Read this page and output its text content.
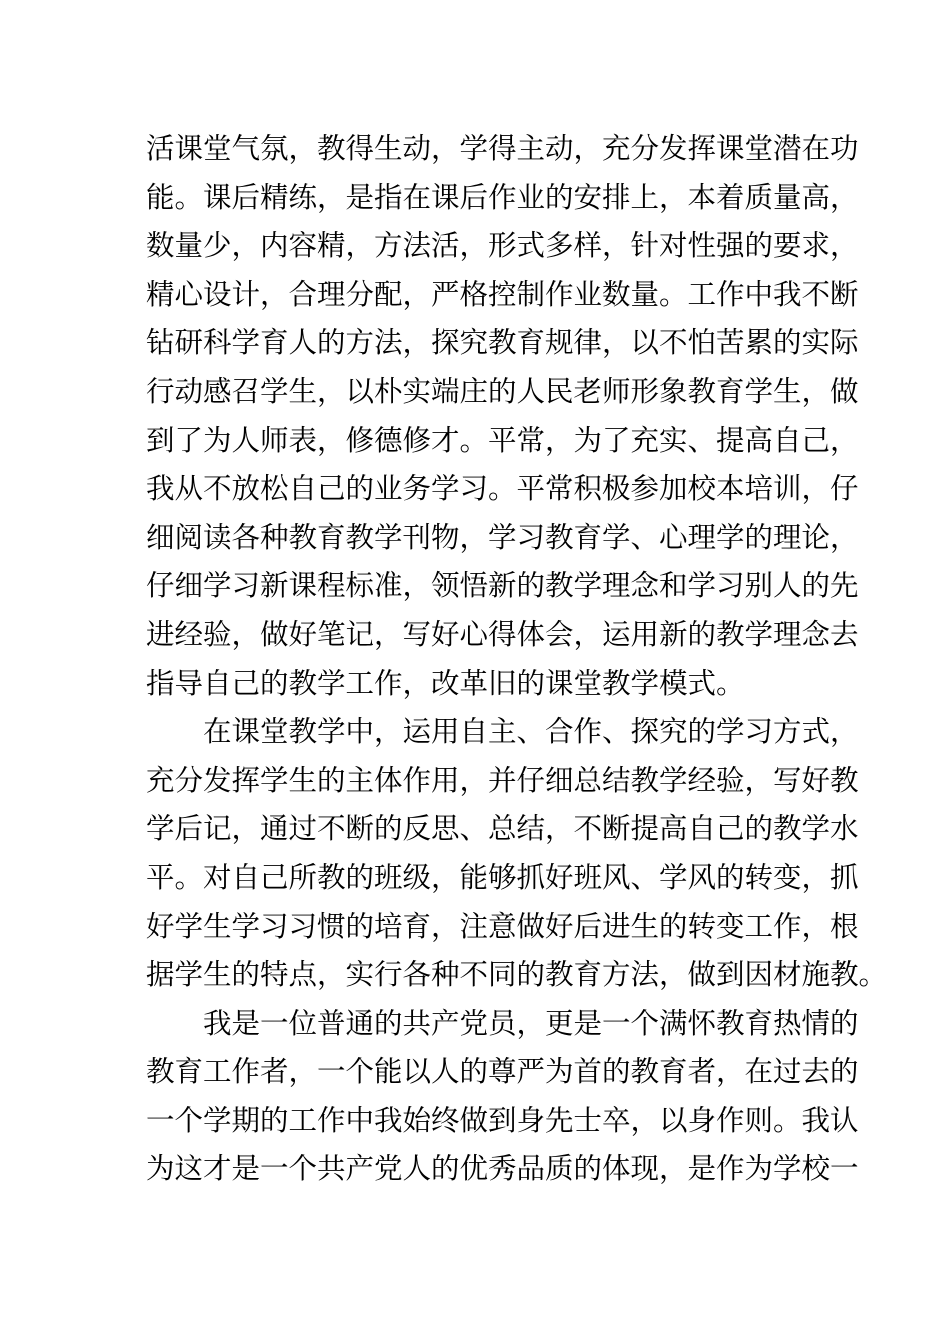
活课堂气氛，教得生动，学得主动，充分发挥课堂潜在功
能。课后精练，是指在课后作业的安排上，本着质量高，
数量少，内容精，方法活，形式多样，针对性强的要求，
精心设计，合理分配，严格控制作业数量。工作中我不断
钻研科学育人的方法，探究教育规律，以不怕苦累的实际
行动感召学生，以朴实端庄的人民老师形象教育学生，做
到了为人师表，修德修才。平常，为了充实、提高自己，
我从不放松自己的业务学习。平常积极参加校本培训，仔
细阅读各种教育教学刊物，学习教育学、心理学的理论，
仔细学习新课程标准，领悟新的教学理念和学习别人的先
进经验，做好笔记，写好心得体会，运用新的教学理念去
指导自己的教学工作，改革旧的课堂教学模式。
在课堂教学中，运用自主、合作、探究的学习方式，
充分发挥学生的主体作用，并仔细总结教学经验，写好教
学后记，通过不断的反思、总结，不断提高自己的教学水
平。对自己所教的班级，能够抓好班风、学风的转变，抓
好学生学习习惯的培育，注意做好后进生的转变工作，根
据学生的特点，实行各种不同的教育方法，做到因材施教。
我是一位普通的共产党员，更是一个满怀教育热情的
教育工作者，一个能以人的尊严为首的教育者，在过去的
一个学期的工作中我始终做到身先士卒，以身作则。我认
为这才是一个共产党人的优秀品质的体现，是作为学校一
